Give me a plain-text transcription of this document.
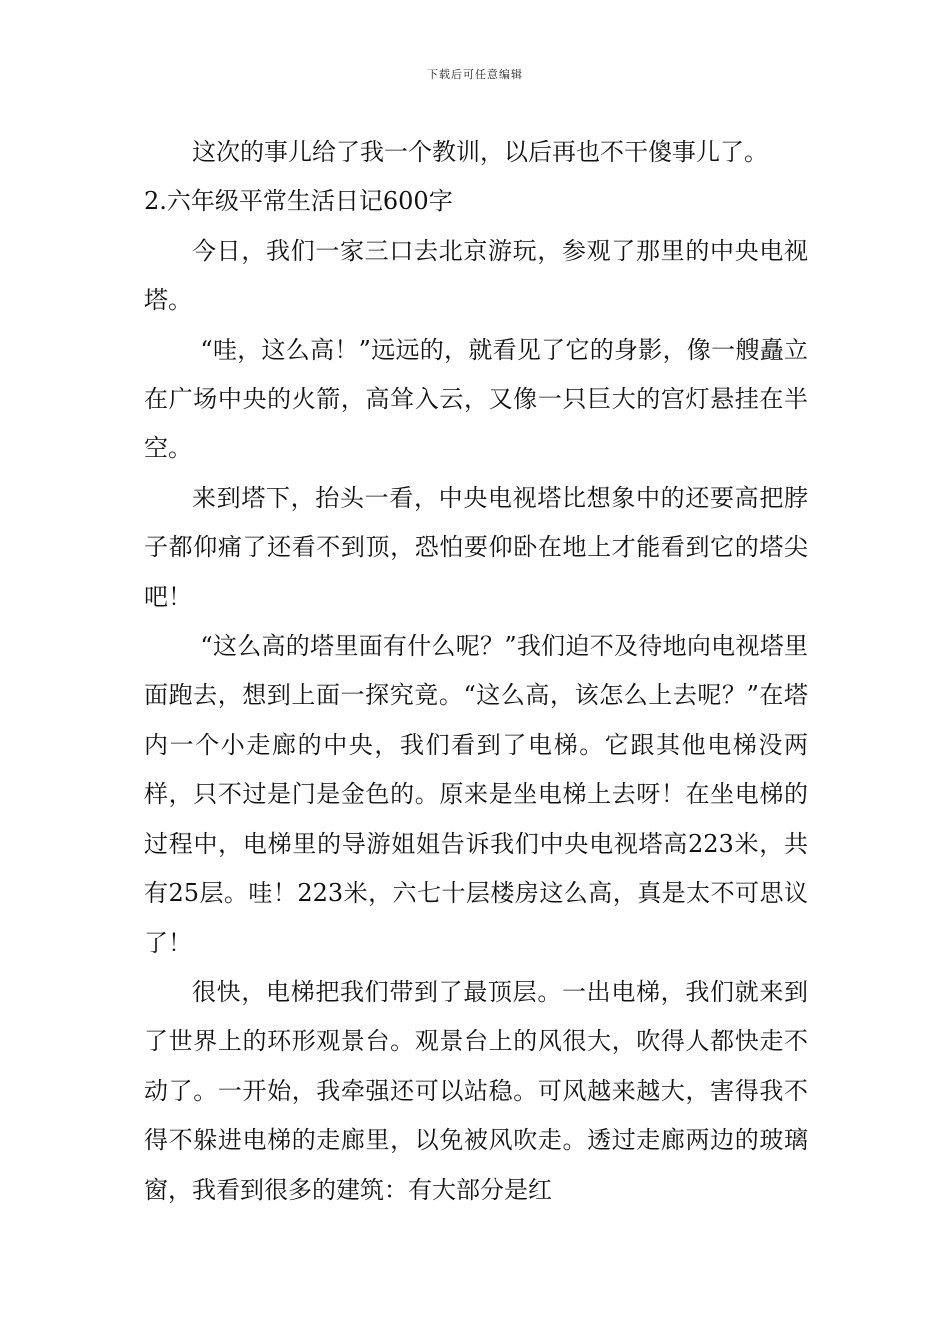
下载后可任意编辑

这次的事儿给了我一个教训，以后再也不干傻事儿了。

2.六年级平常生活日记600字

今日，我们一家三口去北京游玩，参观了那里的中央电视塔。

“哇，这么高！”远远的，就看见了它的身影，像一艘矗立在广场中央的火箭，高耸入云，又像一只巨大的宫灯悬挂在半空。

来到塔下，抬头一看，中央电视塔比想象中的还要高把脖子都仰痛了还看不到顶，恐怕要仰卧在地上才能看到它的塔尖吧！

“这么高的塔里面有什么呢？”我们迫不及待地向电视塔里面跑去，想到上面一探究竟。“这么高，该怎么上去呢？”在塔内一个小走廊的中央，我们看到了电梯。它跟其他电梯没两样，只不过是门是金色的。原来是坐电梯上去呀！在坐电梯的过程中，电梯里的导游姐姐告诉我们中央电视塔高223米，共有25层。哇！223米，六七十层楼房这么高，真是太不可思议了！

很快，电梯把我们带到了最顶层。一出电梯，我们就来到了世界上的环形观景台。观景台上的风很大，吹得人都快走不动了。一开始，我牵强还可以站稳。可风越来越大，害得我不得不躲进电梯的走廊里，以免被风吹走。透过走廊两边的玻璃窗，我看到很多的建筑：有大部分是红
